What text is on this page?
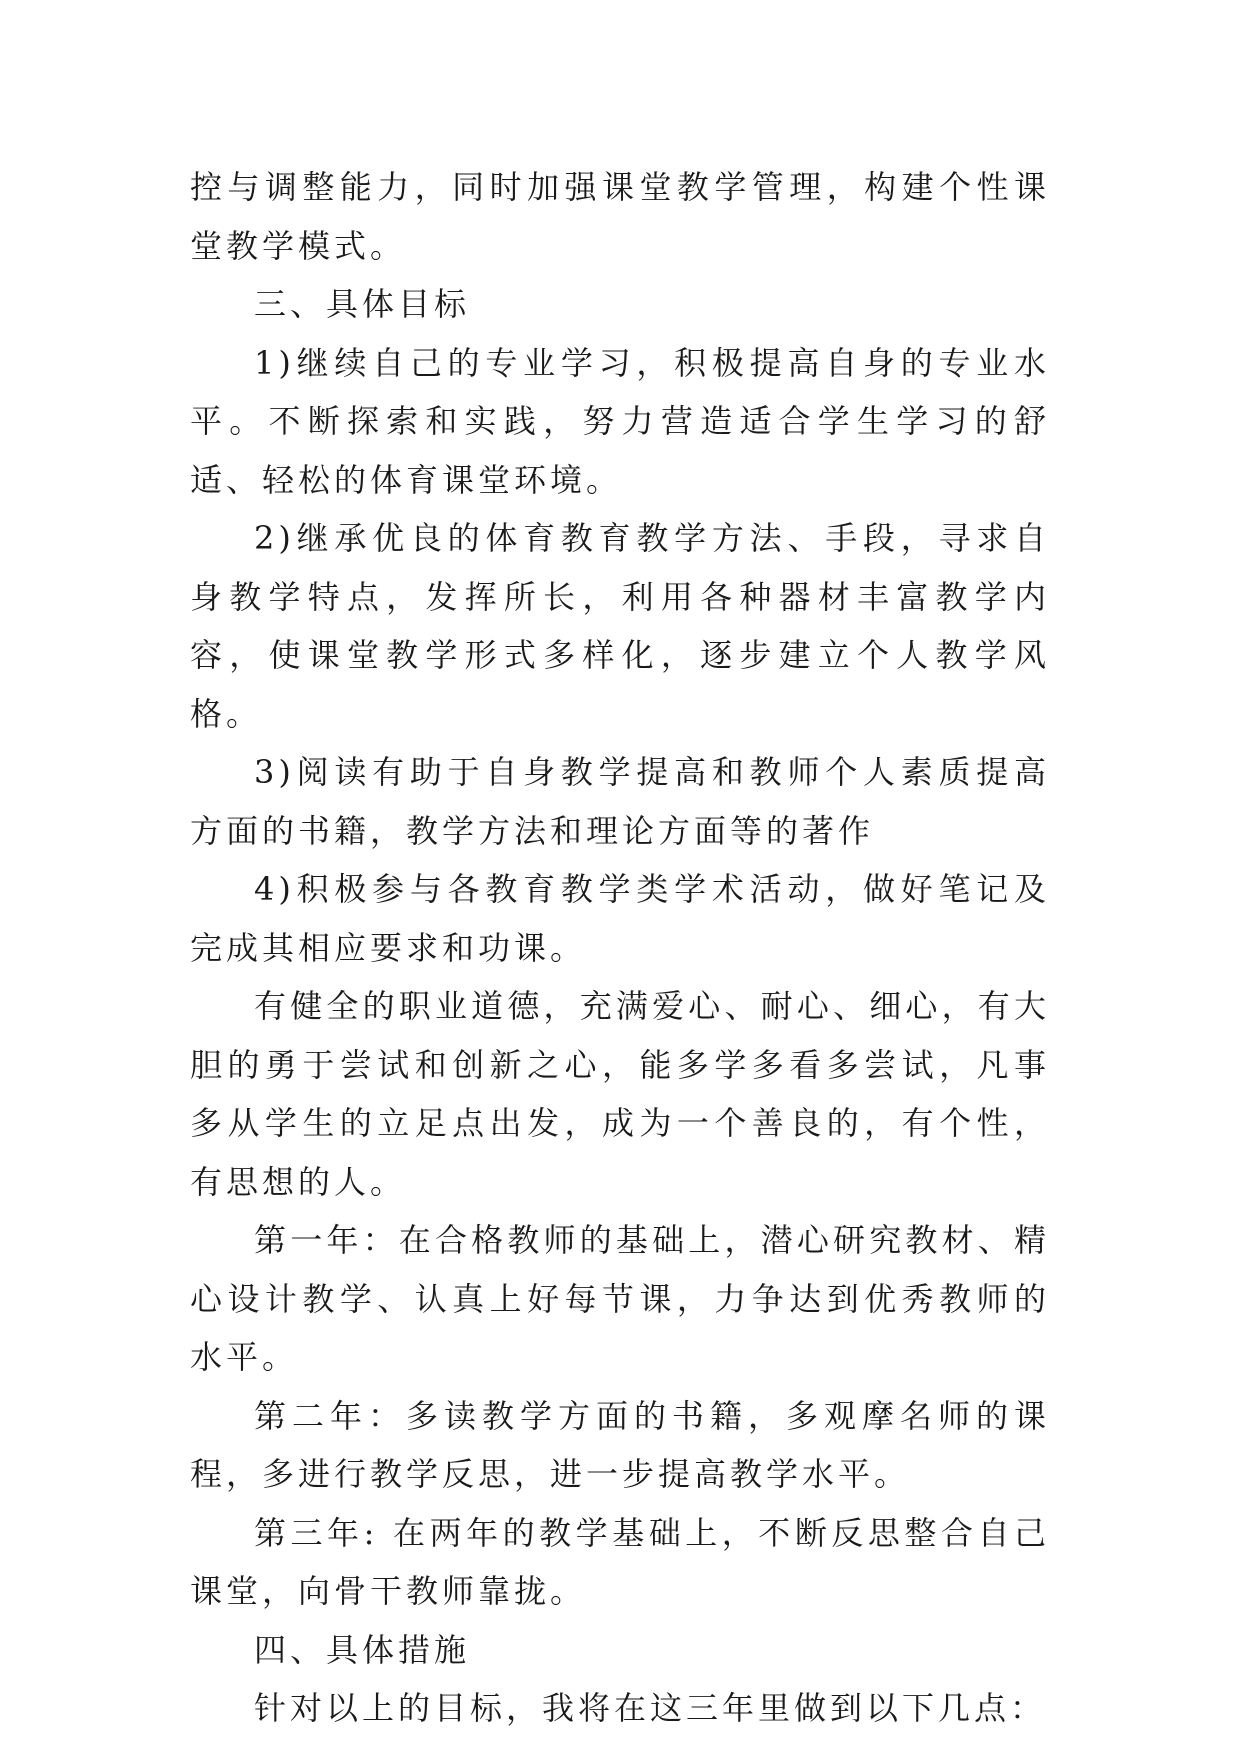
控与调整能力，同时加强课堂教学管理，构建个性课堂教学模式。

三、具体目标

1)继续自己的专业学习，积极提高自身的专业水平。不断探索和实践，努力营造适合学生学习的舒适、轻松的体育课堂环境。

2)继承优良的体育教育教学方法、手段，寻求自身教学特点，发挥所长，利用各种器材丰富教学内容，使课堂教学形式多样化，逐步建立个人教学风格。

3)阅读有助于自身教学提高和教师个人素质提高方面的书籍，教学方法和理论方面等的著作

4)积极参与各教育教学类学术活动，做好笔记及完成其相应要求和功课。

有健全的职业道德，充满爱心、耐心、细心，有大胆的勇于尝试和创新之心，能多学多看多尝试，凡事多从学生的立足点出发，成为一个善良的，有个性，有思想的人。

第一年：在合格教师的基础上，潜心研究教材、精心设计教学、认真上好每节课，力争达到优秀教师的水平。

第二年：多读教学方面的书籍，多观摩名师的课程，多进行教学反思，进一步提高教学水平。

第三年: 在两年的教学基础上，不断反思整合自己课堂，向骨干教师靠拢。

四、具体措施

针对以上的目标，我将在这三年里做到以下几点：
